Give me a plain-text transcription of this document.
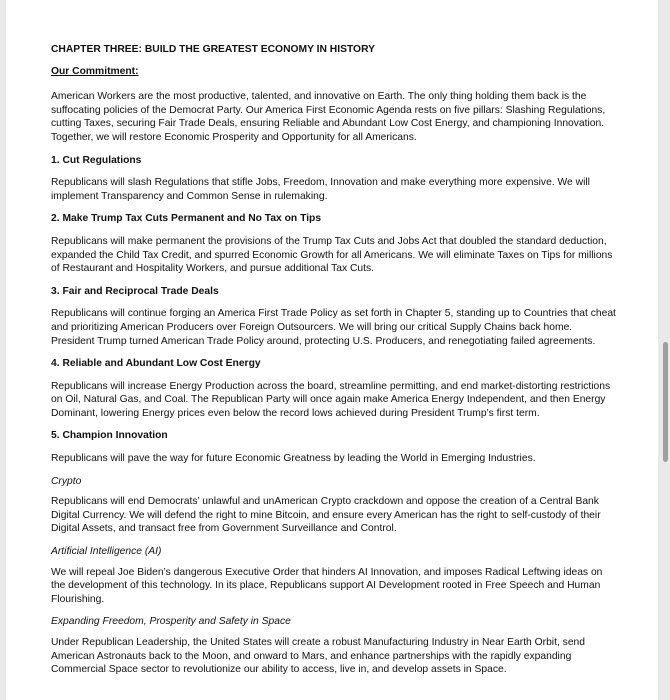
CHAPTER THREE: BUILD THE GREATEST ECONOMY IN HISTORY
Our Commitment:

American Workers are the most productive, talented, and innovative on Earth. The only thing holding them back is the suffocating policies of the Democrat Party. Our America First Economic Agenda rests on five pillars: Slashing Regulations, cutting Taxes, securing Fair Trade Deals, ensuring Reliable and Abundant Low Cost Energy, and championing Innovation. Together, we will restore Economic Prosperity and Opportunity for all Americans.

1. Cut Regulations

Republicans will slash Regulations that stifle Jobs, Freedom, Innovation and make everything more expensive. We will implement Transparency and Common Sense in rulemaking.

2. Make Trump Tax Cuts Permanent and No Tax on Tips

Republicans will make permanent the provisions of the Trump Tax Cuts and Jobs Act that doubled the standard deduction, expanded the Child Tax Credit, and spurred Economic Growth for all Americans. We will eliminate Taxes on Tips for millions of Restaurant and Hospitality Workers, and pursue additional Tax Cuts.

3. Fair and Reciprocal Trade Deals

Republicans will continue forging an America First Trade Policy as set forth in Chapter 5, standing up to Countries that cheat and prioritizing American Producers over Foreign Outsourcers. We will bring our critical Supply Chains back home. President Trump turned American Trade Policy around, protecting U.S. Producers, and renegotiating failed agreements.

4. Reliable and Abundant Low Cost Energy

Republicans will increase Energy Production across the board, streamline permitting, and end market-distorting restrictions on Oil, Natural Gas, and Coal. The Republican Party will once again make America Energy Independent, and then Energy Dominant, lowering Energy prices even below the record lows achieved during President Trump’s first term.

5. Champion Innovation

Republicans will pave the way for future Economic Greatness by leading the World in Emerging Industries.

Crypto

Republicans will end Democrats’ unlawful and unAmerican Crypto crackdown and oppose the creation of a Central Bank Digital Currency. We will defend the right to mine Bitcoin, and ensure every American has the right to self-custody of their Digital Assets, and transact free from Government Surveillance and Control.

Artificial Intelligence (AI)

We will repeal Joe Biden’s dangerous Executive Order that hinders AI Innovation, and imposes Radical Leftwing ideas on the development of this technology. In its place, Republicans support AI Development rooted in Free Speech and Human Flourishing.

Expanding Freedom, Prosperity and Safety in Space

Under Republican Leadership, the United States will create a robust Manufacturing Industry in Near Earth Orbit, send American Astronauts back to the Moon, and onward to Mars, and enhance partnerships with the rapidly expanding Commercial Space sector to revolutionize our ability to access, live in, and develop assets in Space.
